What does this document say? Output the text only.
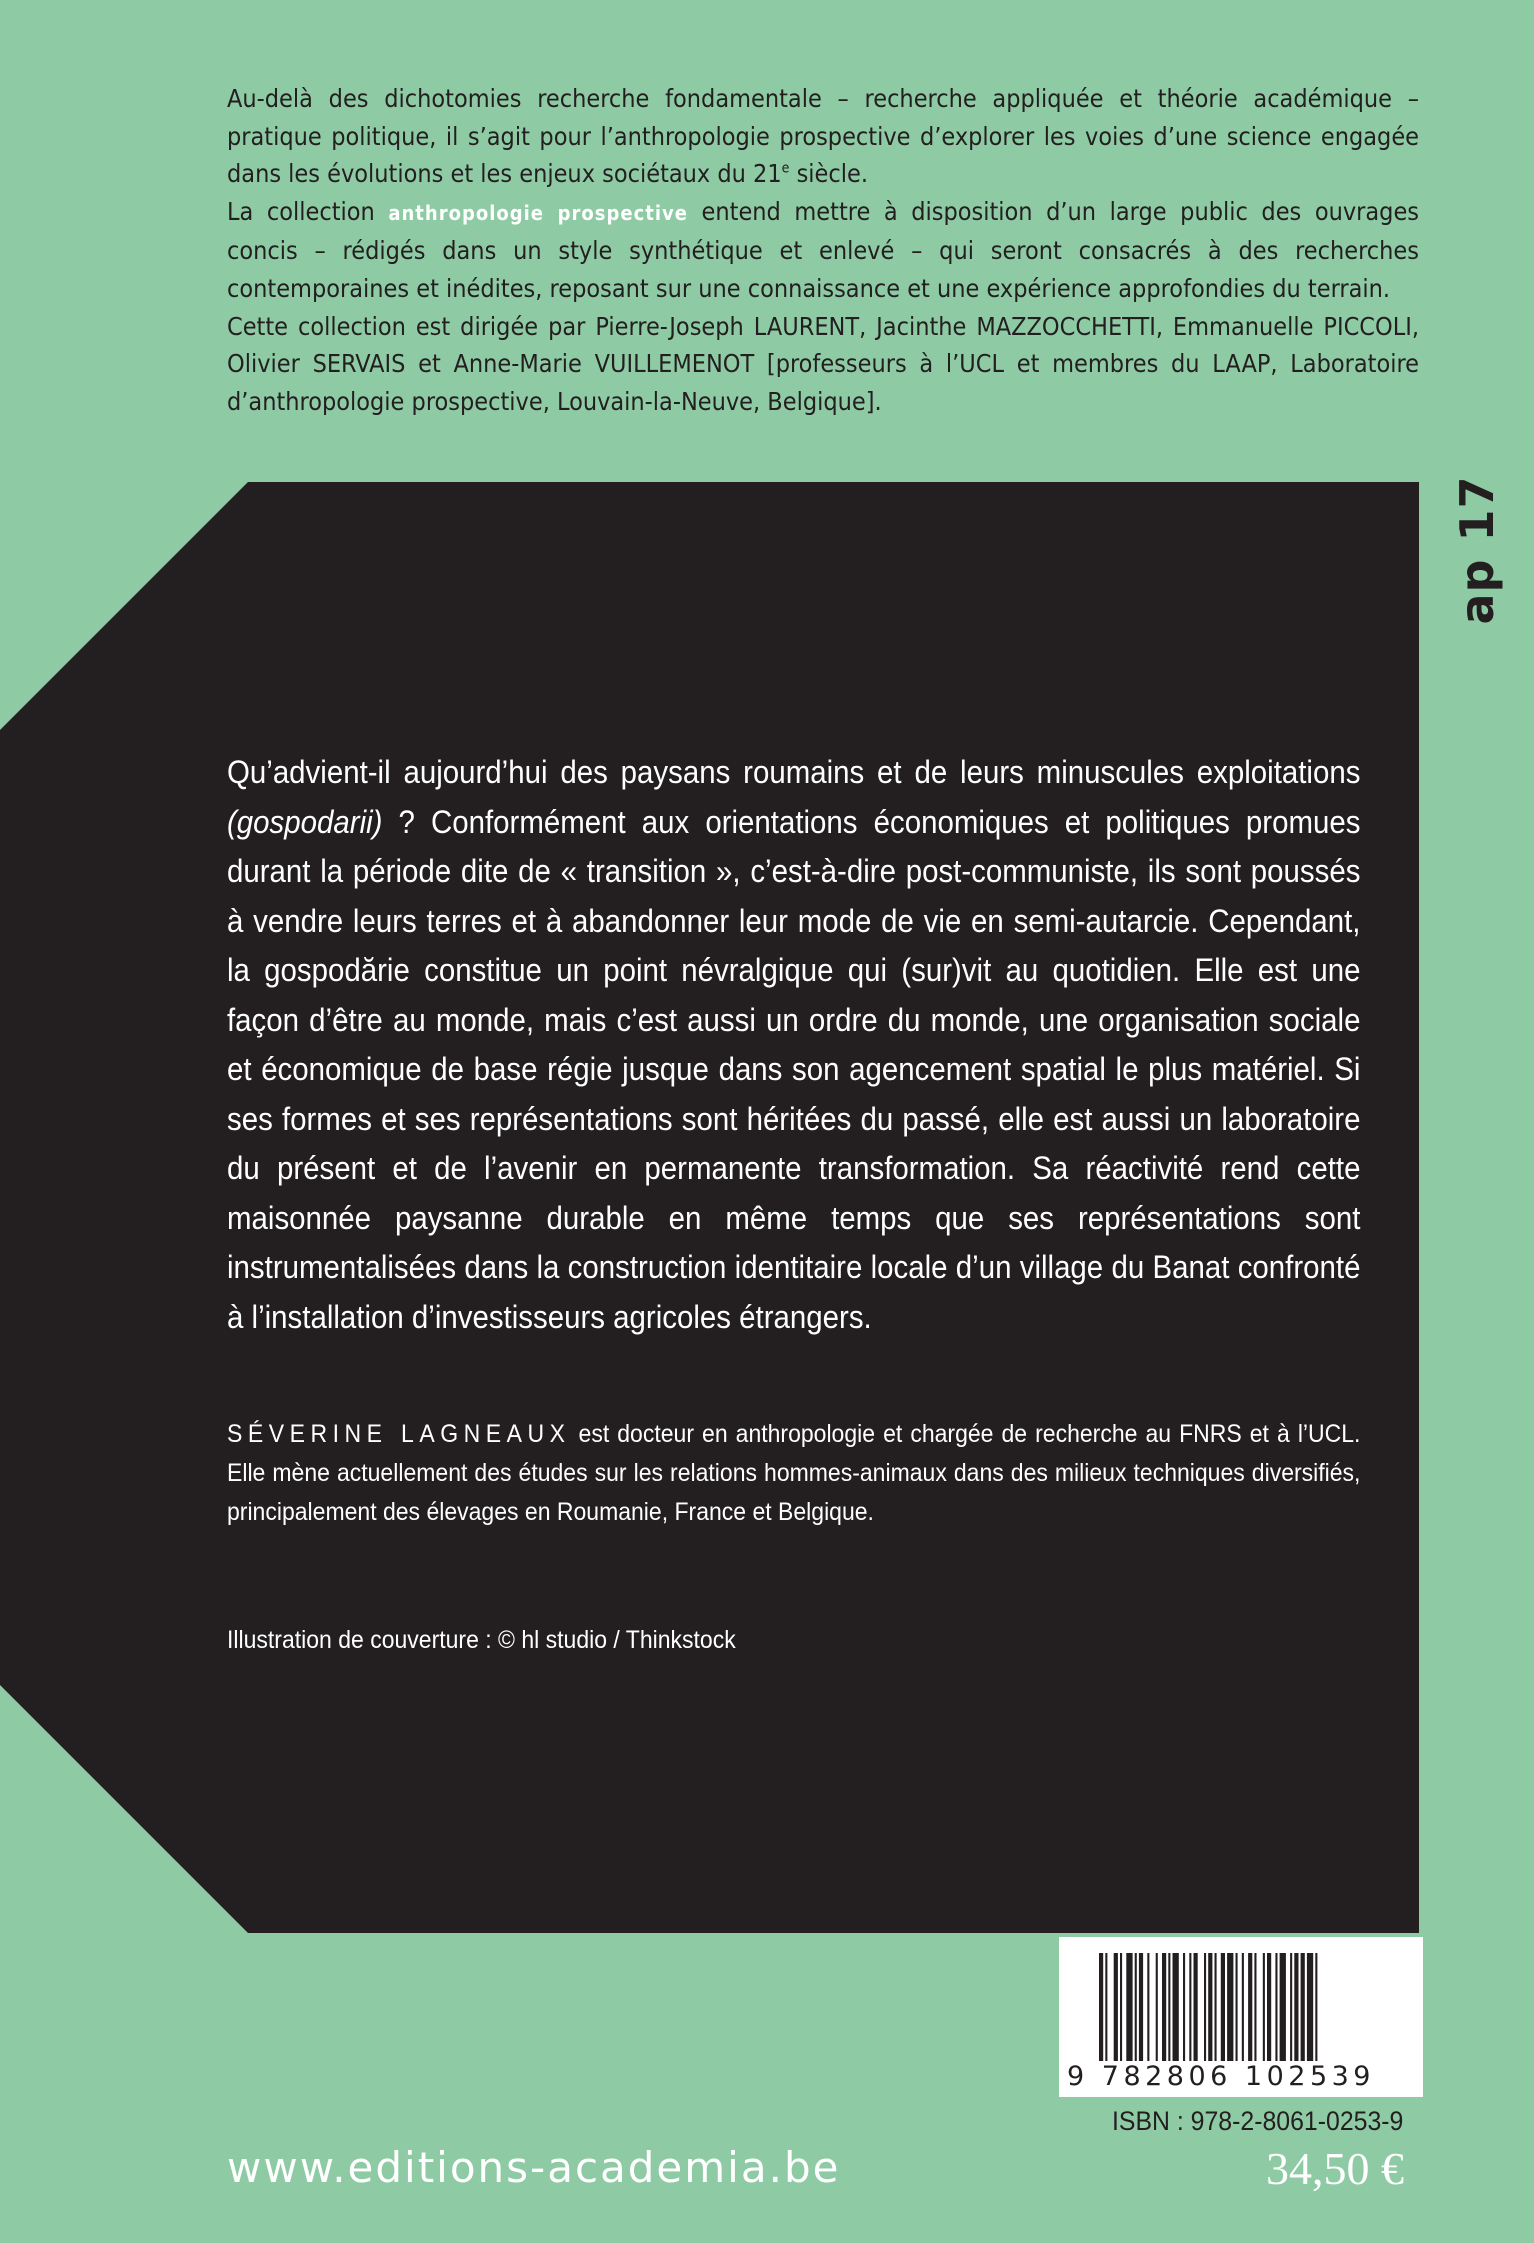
Au-delà des dichotomies recherche fondamentale – recherche appliquée et théorie académique – pratique politique, il s’agit pour l’anthropologie prospective d’explorer les voies d’une science engagée dans les évolutions et les enjeux sociétaux du 21e siècle.

La collection anthropologie prospective entend mettre à disposition d’un large public des ouvrages concis – rédigés dans un style synthétique et enlevé – qui seront consacrés à des recherches contemporaines et inédites, reposant sur une connaissance et une expérience approfondies du terrain.

Cette collection est dirigée par Pierre-Joseph LAURENT, Jacinthe MAZZOCCHETTI, Emmanuelle PICCOLI, Olivier SERVAIS et Anne-Marie VUILLEMENOT [professeurs à l’UCL et membres du LAAP, Laboratoire d’anthropologie prospective, Louvain-la-Neuve, Belgique].

ap 17
Qu’advient-il aujourd’hui des paysans roumains et de leurs minuscules exploitations (gospodarii) ? Conformément aux orientations économiques et politiques promues durant la période dite de « transition », c’est-à-dire post-communiste, ils sont poussés à vendre leurs terres et à abandonner leur mode de vie en semi-autarcie. Cependant, la gospodărie constitue un point névralgique qui (sur)vit au quotidien. Elle est une façon d’être au monde, mais c’est aussi un ordre du monde, une organisation sociale et économique de base régie jusque dans son agencement spatial le plus matériel. Si ses formes et ses représentations sont héritées du passé, elle est aussi un laboratoire du présent et de l’avenir en permanente transformation. Sa réactivité rend cette maisonnée paysanne durable en même temps que ses représentations sont instrumentalisées dans la construction identitaire locale d’un village du Banat confronté à l’installation d’investisseurs agricoles étrangers.
SÉVERINE LAGNEAUX est docteur en anthropologie et chargée de recherche au FNRS et à l’UCL. Elle mène actuellement des études sur les relations hommes-animaux dans des milieux techniques diversifiés, principalement des élevages en Roumanie, France et Belgique.
Illustration de couverture : © hl studio / Thinkstock
9 782806 102539
ISBN : 978-2-8061-0253-9
www.editions-academia.be	34,50 €
